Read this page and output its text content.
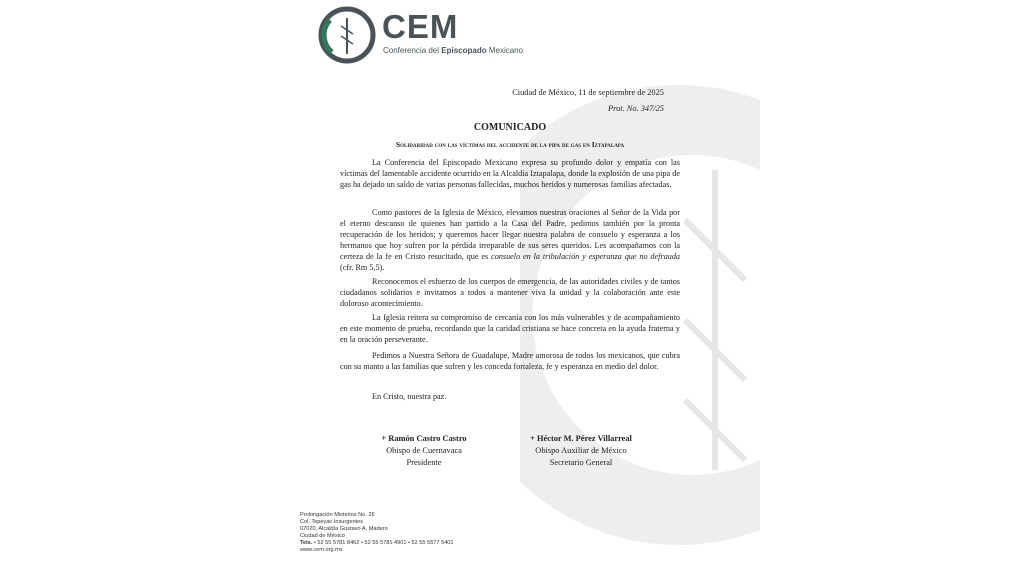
CEM
Conferencia del Episcopado Mexicano
Ciudad de México, 11 de septiembre de 2025
Prot. No. 347/25
COMUNICADO
Solidaridad con las víctimas del accidente de la pipa de gas en Iztapalapa

La Conferencia del Episcopado Mexicano expresa su profundo dolor y empatía con las víctimas del lamentable accidente ocurrido en la Alcaldía Iztapalapa, donde la explosión de una pipa de gas ha dejado un saldo de varias personas fallecidas, muchos heridos y numerosas familias afectadas.

Como pastores de la Iglesia de México, elevamos nuestras oraciones al Señor de la Vida por el eterno descanso de quienes han partido a la Casa del Padre, pedimos también por la pronta recuperación de los heridos; y queremos hacer llegar nuestra palabra de consuelo y esperanza a los hermanos que hoy sufren por la pérdida irreparable de sus seres queridos. Les acompañamos con la certeza de la fe en Cristo resucitado, que es consuelo en la tribulación y esperanza que no defrauda (cfr. Rm 5,5).

Reconocemos el esfuerzo de los cuerpos de emergencia, de las autoridades civiles y de tantos ciudadanos solidarios e invitamos a todos a mantener viva la unidad y la colaboración ante este doloroso acontecimiento.

La Iglesia reitera su compromiso de cercanía con los más vulnerables y de acompañamiento en este momento de prueba, recordando que la caridad cristiana se hace concreta en la ayuda fraterna y en la oración perseverante.

Pedimos a Nuestra Señora de Guadalupe, Madre amorosa de todos los mexicanos, que cubra con su manto a las familias que sufren y les conceda fortaleza, fe y esperanza en medio del dolor.

En Cristo, nuestra paz.

+ Ramón Castro Castro
Obispo de Cuernavaca
Presidente
+ Héctor M. Pérez Villarreal
Obispo Auxiliar de México
Secretario General
Prolongación Misterios No. 26
Col. Tepeyac Insurgentes
07020, Alcaldía Gustavo A. Madero
Ciudad de México
Tels. • 52 55 5781 8462 • 52 55 5781 4901 • 52 55 5577 5401
www.cem.org.mx
